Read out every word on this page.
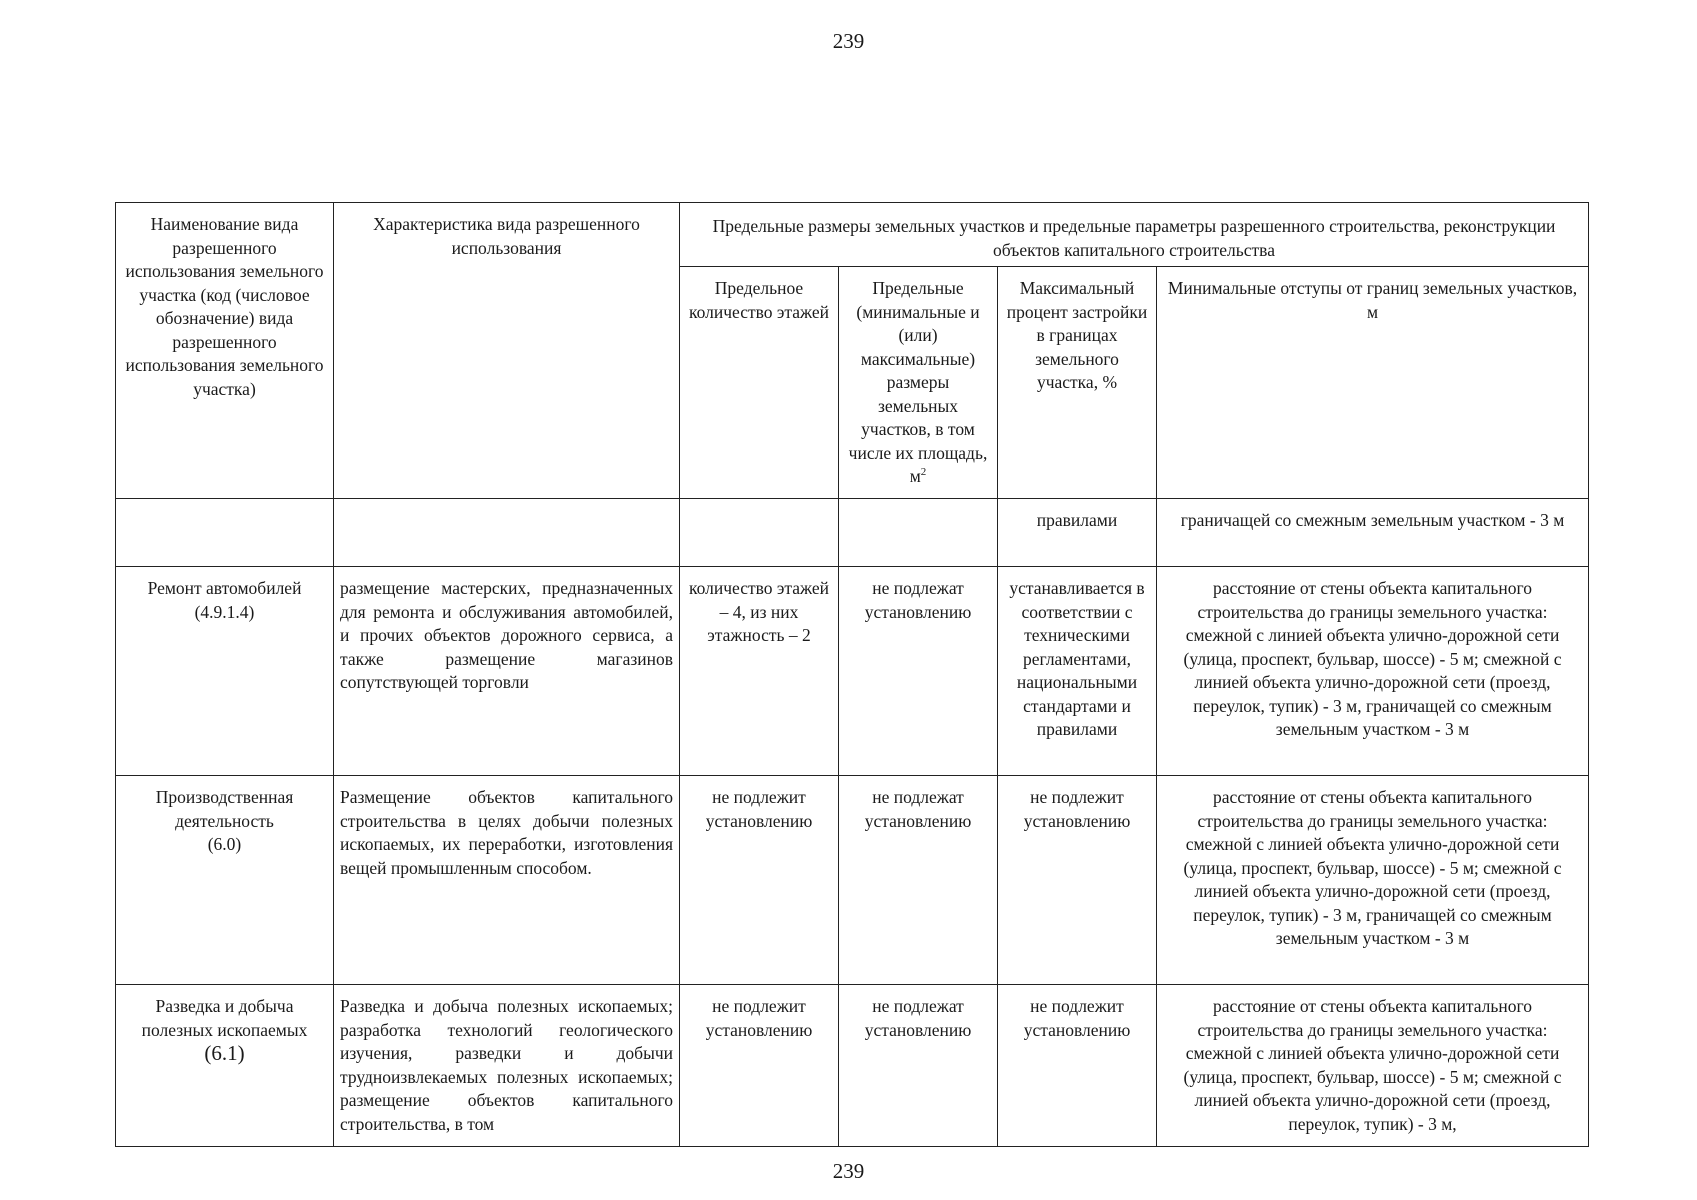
239
Наименование вида разрешенного использования земельного участка (код (числовое обозначение) вида разрешенного использования земельного участка)	Характеристика вида разрешенного использования	Предельные размеры земельных участков и предельные параметры разрешенного строительства, реконструкции объектов капитального строительства			
		Предельное количество этажей	Предельные (минимальные и (или) максимальные) размеры земельных участков, в том числе их площадь, $м^2$	Максимальный процент застройки в границах земельного участка, %	Минимальные отступы от границ земельных участков, м
				правилами	граничащей со смежным земельным участком - 3 м

Ремонт автомобилей
(4.9.1.4)	размещение мастерских, предназначенных для ремонта и обслуживания автомобилей, и прочих объектов дорожного сервиса, а также размещение магазинов сопутствующей торговли	количество этажей – 4, из них этажность – 2	не подлежат установлению	устанавливается в соответствии с техническими регламентами, национальными стандартами и правилами	расстояние от стены объекта капитального строительства до границы земельного участка: смежной с линией объекта улично-дорожной сети (улица, проспект, бульвар, шоссе) - 5 м; смежной с линией объекта улично-дорожной сети (проезд, переулок, тупик) - 3 м, граничащей со смежным земельным участком - 3 м

Производственная деятельность
(6.0)	Размещение объектов капитального строительства в целях добычи полезных ископаемых, их переработки, изготовления вещей промышленным способом.	не подлежит установлению	не подлежат установлению	не подлежит установлению	расстояние от стены объекта капитального строительства до границы земельного участка: смежной с линией объекта улично-дорожной сети (улица, проспект, бульвар, шоссе) - 5 м; смежной с линией объекта улично-дорожной сети (проезд, переулок, тупик) - 3 м, граничащей со смежным земельным участком - 3 м

Разведка и добыча полезных ископаемых
(6.1)	Разведка и добыча полезных ископаемых; разработка технологий геологического изучения, разведки и добычи трудноизвлекаемых полезных ископаемых; размещение объектов капитального строительства, в том	не подлежит установлению	не подлежат установлению	не подлежит установлению	расстояние от стены объекта капитального строительства до границы земельного участка: смежной с линией объекта улично-дорожной сети (улица, проспект, бульвар, шоссе) - 5 м; смежной с линией объекта улично-дорожной сети (проезд, переулок, тупик) - 3 м,
239
